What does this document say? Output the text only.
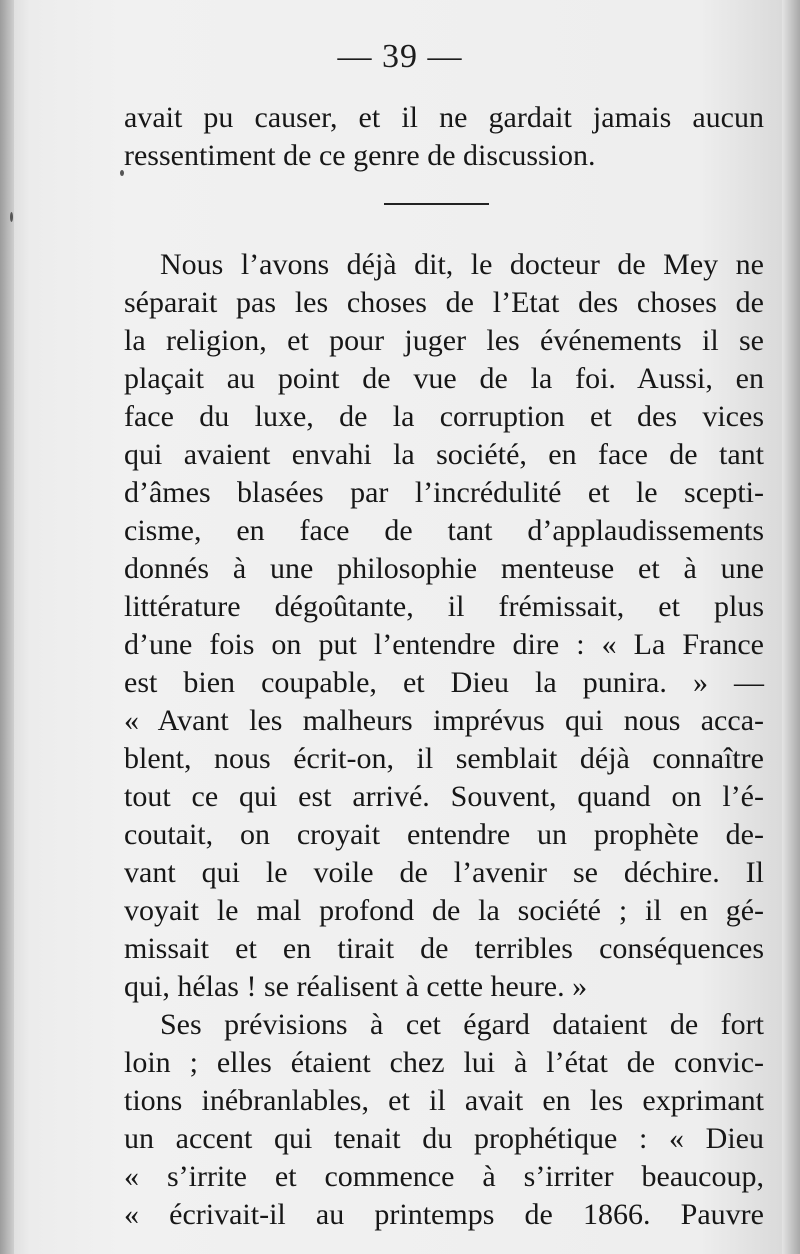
— 39 —
avait pu causer, et il ne gardait jamais aucun
ressentiment de ce genre de discussion.
Nous l’avons déjà dit, le docteur de Mey ne
séparait pas les choses de l’Etat des choses de
la religion, et pour juger les événements il se
plaçait au point de vue de la foi. Aussi, en
face du luxe, de la corruption et des vices
qui avaient envahi la société, en face de tant
d’âmes blasées par l’incrédulité et le scepti-
cisme, en face de tant d’applaudissements
donnés à une philosophie menteuse et à une
littérature dégoûtante, il frémissait, et plus
d’une fois on put l’entendre dire : « La France
est bien coupable, et Dieu la punira. » —
« Avant les malheurs imprévus qui nous acca-
blent, nous écrit-on, il semblait déjà connaître
tout ce qui est arrivé. Souvent, quand on l’é-
coutait, on croyait entendre un prophète de-
vant qui le voile de l’avenir se déchire. Il
voyait le mal profond de la société ; il en gé-
missait et en tirait de terribles conséquences
qui, hélas ! se réalisent à cette heure. »
Ses prévisions à cet égard dataient de fort
loin ; elles étaient chez lui à l’état de convic-
tions inébranlables, et il avait en les exprimant
un accent qui tenait du prophétique : « Dieu
« s’irrite et commence à s’irriter beaucoup,
« écrivait-il au printemps de 1866. Pauvre
